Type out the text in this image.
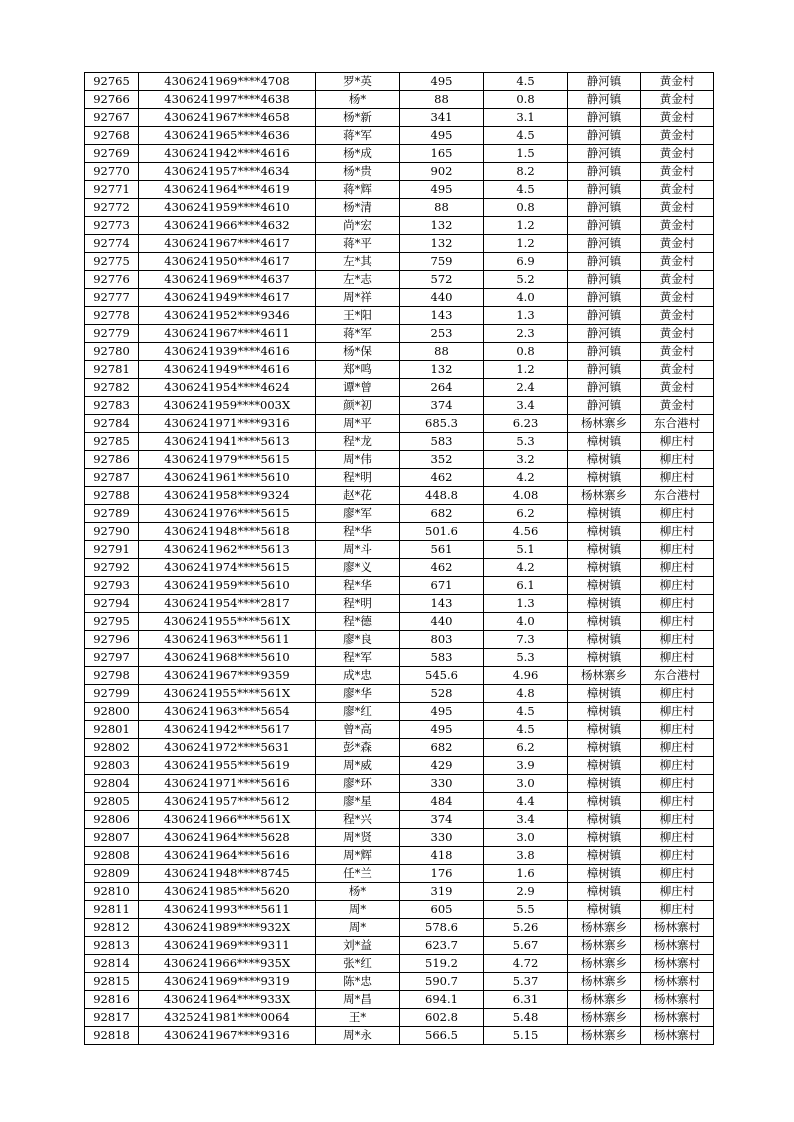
92765	4306241969****4708	罗*英	495	4.5	静河镇	黄金村
92766	4306241997****4638	杨*	88	0.8	静河镇	黄金村
92767	4306241967****4658	杨*新	341	3.1	静河镇	黄金村
92768	4306241965****4636	蒋*军	495	4.5	静河镇	黄金村
92769	4306241942****4616	杨*成	165	1.5	静河镇	黄金村
92770	4306241957****4634	杨*贵	902	8.2	静河镇	黄金村
92771	4306241964****4619	蒋*辉	495	4.5	静河镇	黄金村
92772	4306241959****4610	杨*清	88	0.8	静河镇	黄金村
92773	4306241966****4632	尚*宏	132	1.2	静河镇	黄金村
92774	4306241967****4617	蒋*平	132	1.2	静河镇	黄金村
92775	4306241950****4617	左*其	759	6.9	静河镇	黄金村
92776	4306241969****4637	左*志	572	5.2	静河镇	黄金村
92777	4306241949****4617	周*祥	440	4.0	静河镇	黄金村
92778	4306241952****9346	王*阳	143	1.3	静河镇	黄金村
92779	4306241967****4611	蒋*军	253	2.3	静河镇	黄金村
92780	4306241939****4616	杨*保	88	0.8	静河镇	黄金村
92781	4306241949****4616	郑*鸣	132	1.2	静河镇	黄金村
92782	4306241954****4624	谭*曾	264	2.4	静河镇	黄金村
92783	4306241959****003X	颜*初	374	3.4	静河镇	黄金村
92784	4306241971****9316	周*平	685.3	6.23	杨林寨乡	东合港村
92785	4306241941****5613	程*龙	583	5.3	樟树镇	柳庄村
92786	4306241979****5615	周*伟	352	3.2	樟树镇	柳庄村
92787	4306241961****5610	程*明	462	4.2	樟树镇	柳庄村
92788	4306241958****9324	赵*花	448.8	4.08	杨林寨乡	东合港村
92789	4306241976****5615	廖*军	682	6.2	樟树镇	柳庄村
92790	4306241948****5618	程*华	501.6	4.56	樟树镇	柳庄村
92791	4306241962****5613	周*斗	561	5.1	樟树镇	柳庄村
92792	4306241974****5615	廖*义	462	4.2	樟树镇	柳庄村
92793	4306241959****5610	程*华	671	6.1	樟树镇	柳庄村
92794	4306241954****2817	程*明	143	1.3	樟树镇	柳庄村
92795	4306241955****561X	程*德	440	4.0	樟树镇	柳庄村
92796	4306241963****5611	廖*良	803	7.3	樟树镇	柳庄村
92797	4306241968****5610	程*军	583	5.3	樟树镇	柳庄村
92798	4306241967****9359	成*忠	545.6	4.96	杨林寨乡	东合港村
92799	4306241955****561X	廖*华	528	4.8	樟树镇	柳庄村
92800	4306241963****5654	廖*红	495	4.5	樟树镇	柳庄村
92801	4306241942****5617	曾*高	495	4.5	樟树镇	柳庄村
92802	4306241972****5631	彭*森	682	6.2	樟树镇	柳庄村
92803	4306241955****5619	周*威	429	3.9	樟树镇	柳庄村
92804	4306241971****5616	廖*环	330	3.0	樟树镇	柳庄村
92805	4306241957****5612	廖*星	484	4.4	樟树镇	柳庄村
92806	4306241966****561X	程*兴	374	3.4	樟树镇	柳庄村
92807	4306241964****5628	周*贤	330	3.0	樟树镇	柳庄村
92808	4306241964****5616	周*辉	418	3.8	樟树镇	柳庄村
92809	4306241948****8745	任*兰	176	1.6	樟树镇	柳庄村
92810	4306241985****5620	杨*	319	2.9	樟树镇	柳庄村
92811	4306241993****5611	周*	605	5.5	樟树镇	柳庄村
92812	4306241989****932X	周*	578.6	5.26	杨林寨乡	杨林寨村
92813	4306241969****9311	刘*益	623.7	5.67	杨林寨乡	杨林寨村
92814	4306241966****935X	张*红	519.2	4.72	杨林寨乡	杨林寨村
92815	4306241969****9319	陈*忠	590.7	5.37	杨林寨乡	杨林寨村
92816	4306241964****933X	周*昌	694.1	6.31	杨林寨乡	杨林寨村
92817	4325241981****0064	王*	602.8	5.48	杨林寨乡	杨林寨村
92818	4306241967****9316	周*永	566.5	5.15	杨林寨乡	杨林寨村
